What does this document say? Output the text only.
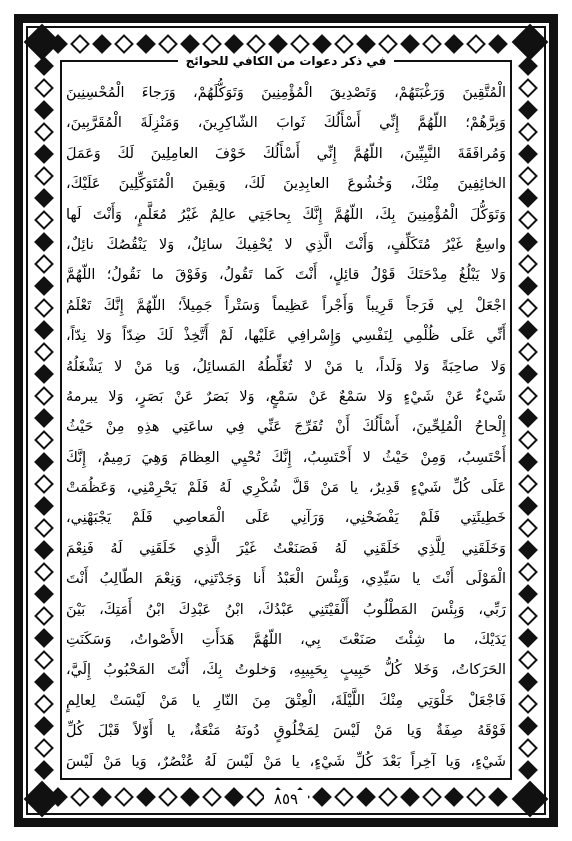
في ذكر دعوات من الكافي للحوائج
الْمُتَّقِينَ وَرَغْبَتَهُمْ، وَتَصْدِيقَ الْمُؤْمِنِينَ وَتَوَكُّلَهُمْ، وَرَجاءَ الْمُحْسِنِينَ
وَبِرَّهُمْ؛ اللّهُمَّ إِنِّي أَسْأَلُكَ ثَوابَ الشّاكِرِينَ، وَمَنْزِلَةَ الْمُقَرَّبِينَ،
وَمُرافَقَةَ النَّبِيِّينَ، اللّهُمَّ إِنِّي أَسْأَلُكَ خَوْفَ العامِلِينَ لَكَ وَعَمَلَ
الخائِفِينَ مِنْكَ، وَخُشُوعَ العابِدِينَ لَكَ، وَيقِينَ الْمُتَوَكِّلِينَ عَلَيْكَ،
وَتَوَكُّلَ الْمُؤْمِنِينَ بِكَ، اللّهُمَّ إِنَّكَ بِحاجَتِي عالِمٌ غَيْرُ مُعَلَّمٍ، وَأَنْتَ لَها
واسِعٌ غَيْرُ مُتَكَلِّفٍ، وَأَنْتَ الَّذِي لا يُحْفِيكَ سائِلٌ، وَلا يَنْقُصُكَ نائِلٌ،
وَلا يَبْلُغُ مِدْحَتَكَ قَوْلُ قائِلٍ، أَنْتَ كَما تَقُولُ، وَفَوْقَ ما نَقُولُ؛ اللّهُمَّ
اجْعَلْ لِي فَرَجاً قَرِيباً وَأَجْراً عَظِيماً وَسَتْراً جَمِيلاً؛ اللّهُمَّ إِنَّكَ تَعْلَمُ
أَنِّي عَلَى ظُلْمِي لِنَفْسِي وَإِسْرافِي عَلَيْها، لَمْ أَتَّخِذْ لَكَ ضِدّاً وَلا نِدّاً،
وَلا صاحِبَةً وَلا وَلَداً، يا مَنْ لا تُغَلِّطُهُ المَسائِلُ، وَيا مَنْ لا يَشْغَلُهُ
شَيْءٌ عَنْ شَيْءٍ وَلا سَمْعٌ عَنْ سَمْعٍ، وَلا بَصَرٌ عَنْ بَصَرٍ، وَلا يبرمهُ
إِلْحاحُ الْمُلِحِّينَ، أَسْأَلُكَ أَنْ تُفَرِّجَ عَنِّي فِي ساعَتِي هذِهِ مِنْ حَيْثُ
أَحْتَسِبُ، وَمِنْ حَيْثُ لا أَحْتَسِبُ، إِنَّكَ تُحْيِي العِظامَ وَهِيَ رَمِيمٌ، إِنَّكَ
عَلَى كُلِّ شَيْءٍ قَدِيرٌ، يا مَنْ قَلَّ شُكْرِي لَهُ فَلَمْ يَحْرِمْنِي، وَعَظُمَتْ
خَطِيئَتِي فَلَمْ يَفْضَحْنِي، وَرَآنِي عَلَى الْمَعاصِي فَلَمْ يَجْبَهْنِي،
وَخَلَقَنِي لِلَّذِي خَلَقَنِي لَهُ فَصَنَعْتُ غَيْرَ الَّذِي خَلَقَنِي لَهُ فَنِعْمَ
الْمَوْلَى أَنْتَ يا سَيِّدِي، وَبِئْسَ الْعَبْدُ أَنا وَجَدْتَنِي، وَنِعْمَ الطّالِبُ أَنْتَ
رَبِّي، وَبِئْسَ المَطْلُوبُ أَلْفَيْتَنِي عَبْدُكَ، ابْنُ عَبْدِكَ ابْنُ أَمَتِكَ، بَيْنَ
يَدَيْكَ، ما شِئْتَ صَنَعْتَ بِي، اللّهُمَّ هَدَأَتِ الأَصْواتُ، وَسَكَنَتِ
الحَرَكاتُ، وَخَلا كُلُّ حَبِيبٍ بِحَبِيبِهِ، وَخلوتُ بِكَ، أَنْتَ المَحْبُوبُ إِلَيَّ،
فَاجْعَلْ خَلْوَتِي مِنْكَ اللَّيْلَةَ، الْعِتْقَ مِنَ النّارِ يا مَنْ لَيْسَتْ لِعالِمٍ
فَوْقَهُ صِفَةٌ وَيا مَنْ لَيْسَ لِمَخْلُوقٍ دُونَهُ مَنْعَةٌ، يا أَوّلاً قَبْلَ كُلِّ
شَيْءٍ، وَيا آخِراً بَعْدَ كُلِّ شَيْءٍ، يا مَنْ لَيْسَ لَهُ عُنْصُرٌ، وَيا مَنْ لَيْسَ
٨٥٩
